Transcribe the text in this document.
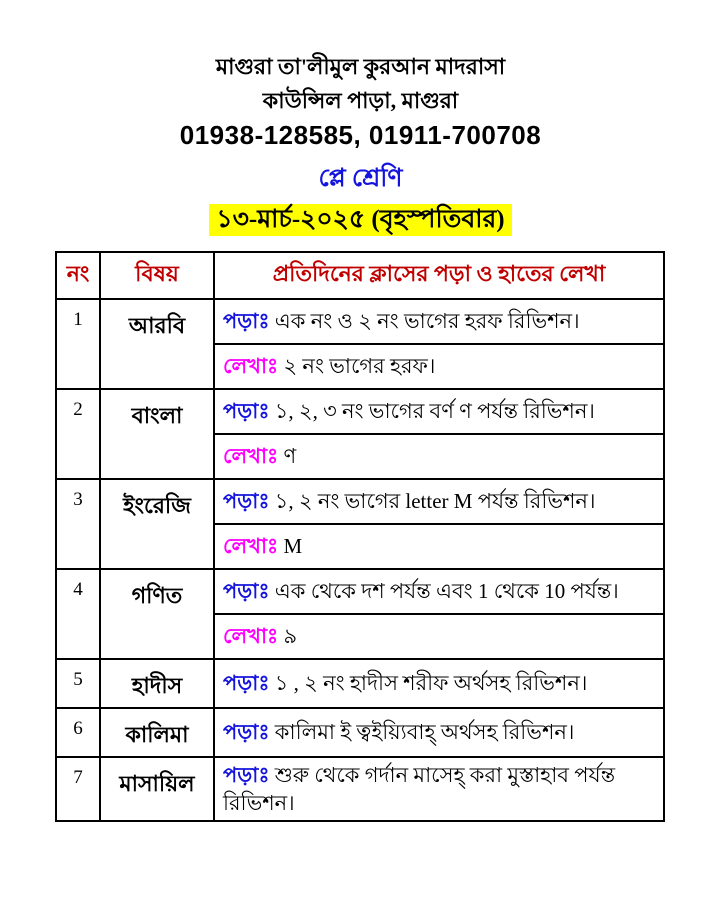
মাগুরা তা'লীমুল কুরআন মাদরাসা
কাউন্সিল পাড়া, মাগুরা
01938-128585, 01911-700708
প্লে শ্রেণি
১৩-মার্চ-২০২৫ (বৃহস্পতিবার)
নং	বিষয়	প্রতিদিনের ক্লাসের পড়া ও হাতের লেখা
1	আরবি	পড়াঃ এক নং ও ২ নং ভাগের হরফ রিভিশন।
		লেখাঃ ২ নং ভাগের হরফ।
2	বাংলা	পড়াঃ ১, ২, ৩ নং ভাগের বর্ণ ণ পর্যন্ত রিভিশন।
		লেখাঃ ণ
3	ইংরেজি	পড়াঃ ১, ২ নং ভাগের letter M পর্যন্ত রিভিশন।
		লেখাঃ M
4	গণিত	পড়াঃ এক থেকে দশ পর্যন্ত এবং 1 থেকে 10 পর্যন্ত।
		লেখাঃ ৯
5	হাদীস	পড়াঃ ১ , ২ নং হাদীস শরীফ অর্থসহ রিভিশন।
6	কালিমা	পড়াঃ কালিমা ই ত্বইয়্যিবাহ্ অর্থসহ রিভিশন।
7	মাসায়িল	পড়াঃ শুরু থেকে গর্দান মাসেহ্ করা মুস্তাহাব পর্যন্ত রিভিশন।
